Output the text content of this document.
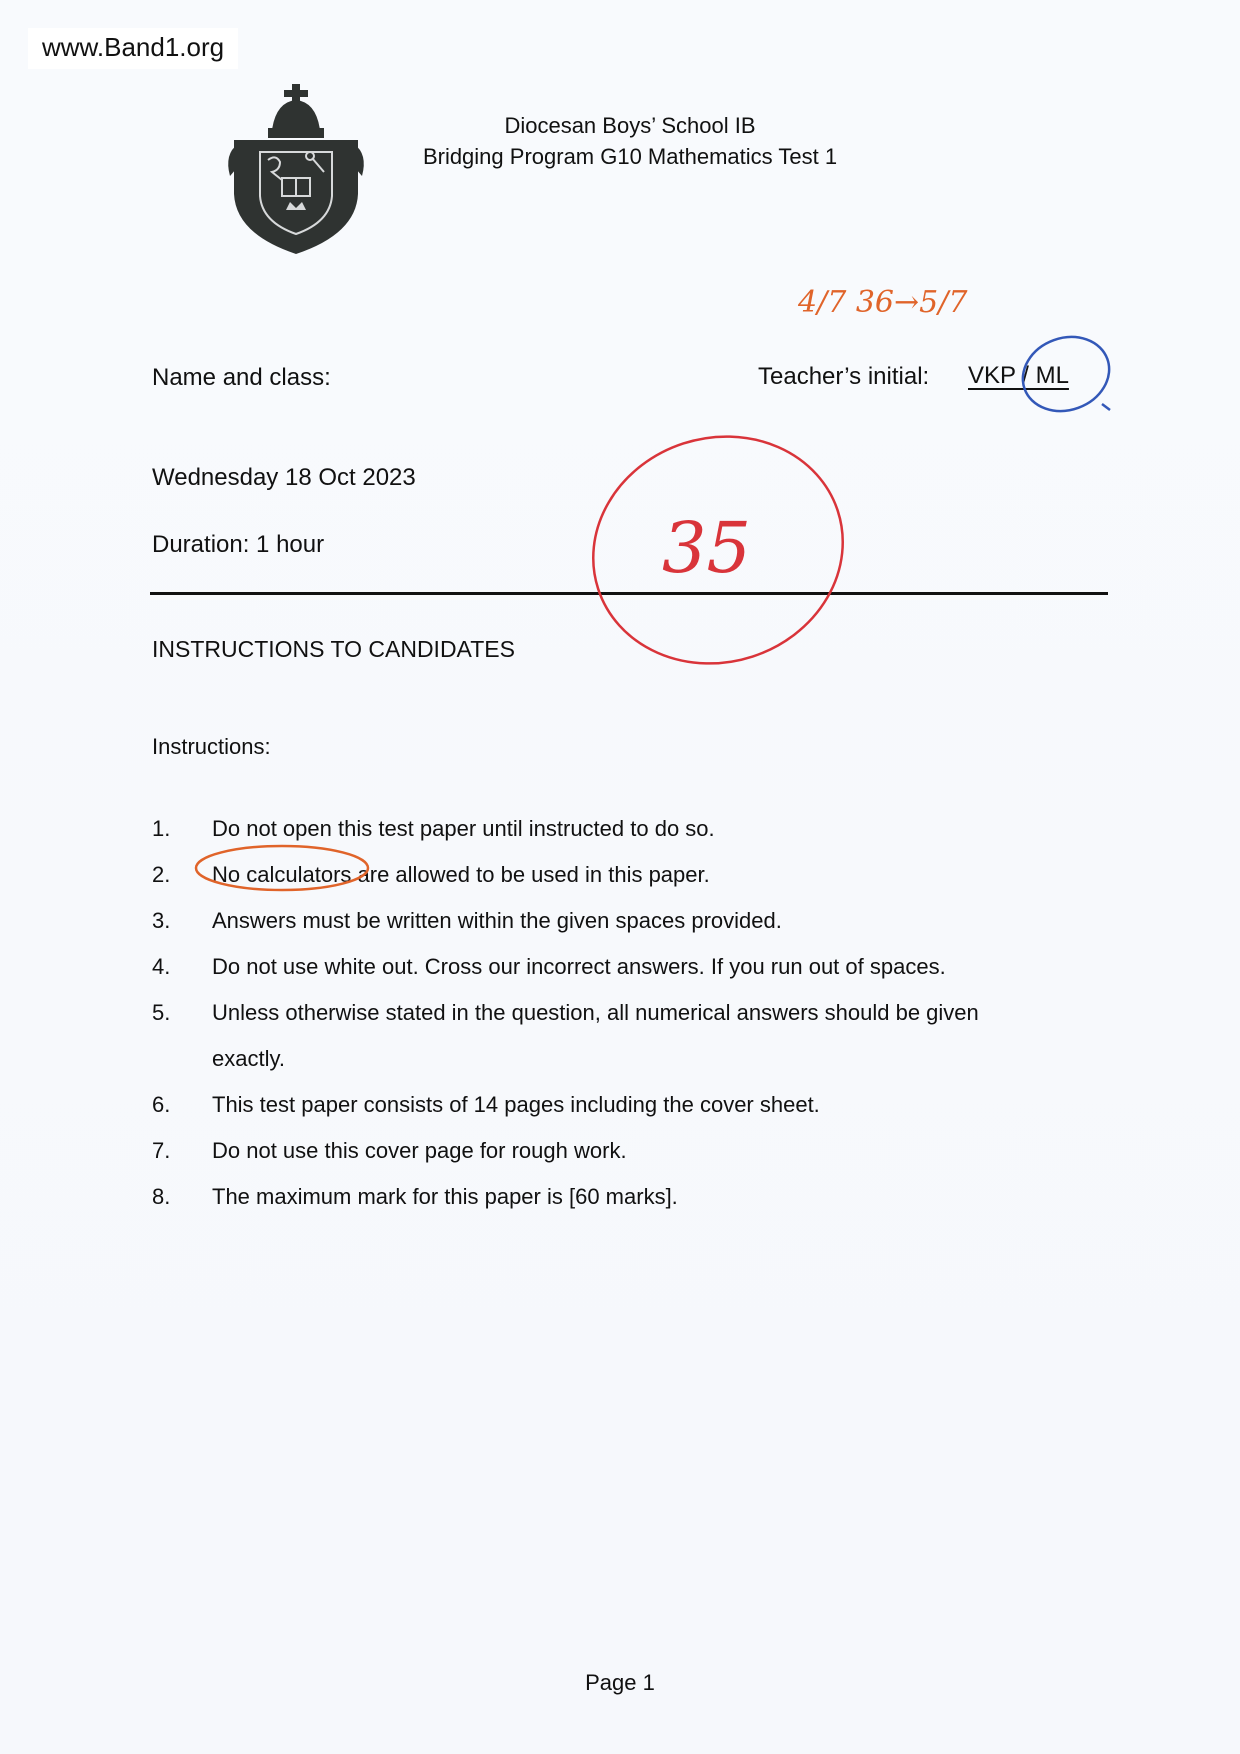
www.Band1.org
Diocesan Boys’ School IB
Bridging Program G10 Mathematics Test 1
Name and class:	Teacher’s initial:	VKP / ML
Wednesday 18 Oct 2023
Duration: 1 hour
INSTRUCTIONS TO CANDIDATES
Instructions:
1.	Do not open this test paper until instructed to do so.
2.	No calculators are allowed to be used in this paper.
3.	Answers must be written within the given spaces provided.
4.	Do not use white out. Cross our incorrect answers. If you run out of spaces.
5.	Unless otherwise stated in the question, all numerical answers should be given exactly.
6.	This test paper consists of 14 pages including the cover sheet.
7.	Do not use this cover page for rough work.
8.	The maximum mark for this paper is [60 marks].
Page 1
35
4/7 36→5/7
